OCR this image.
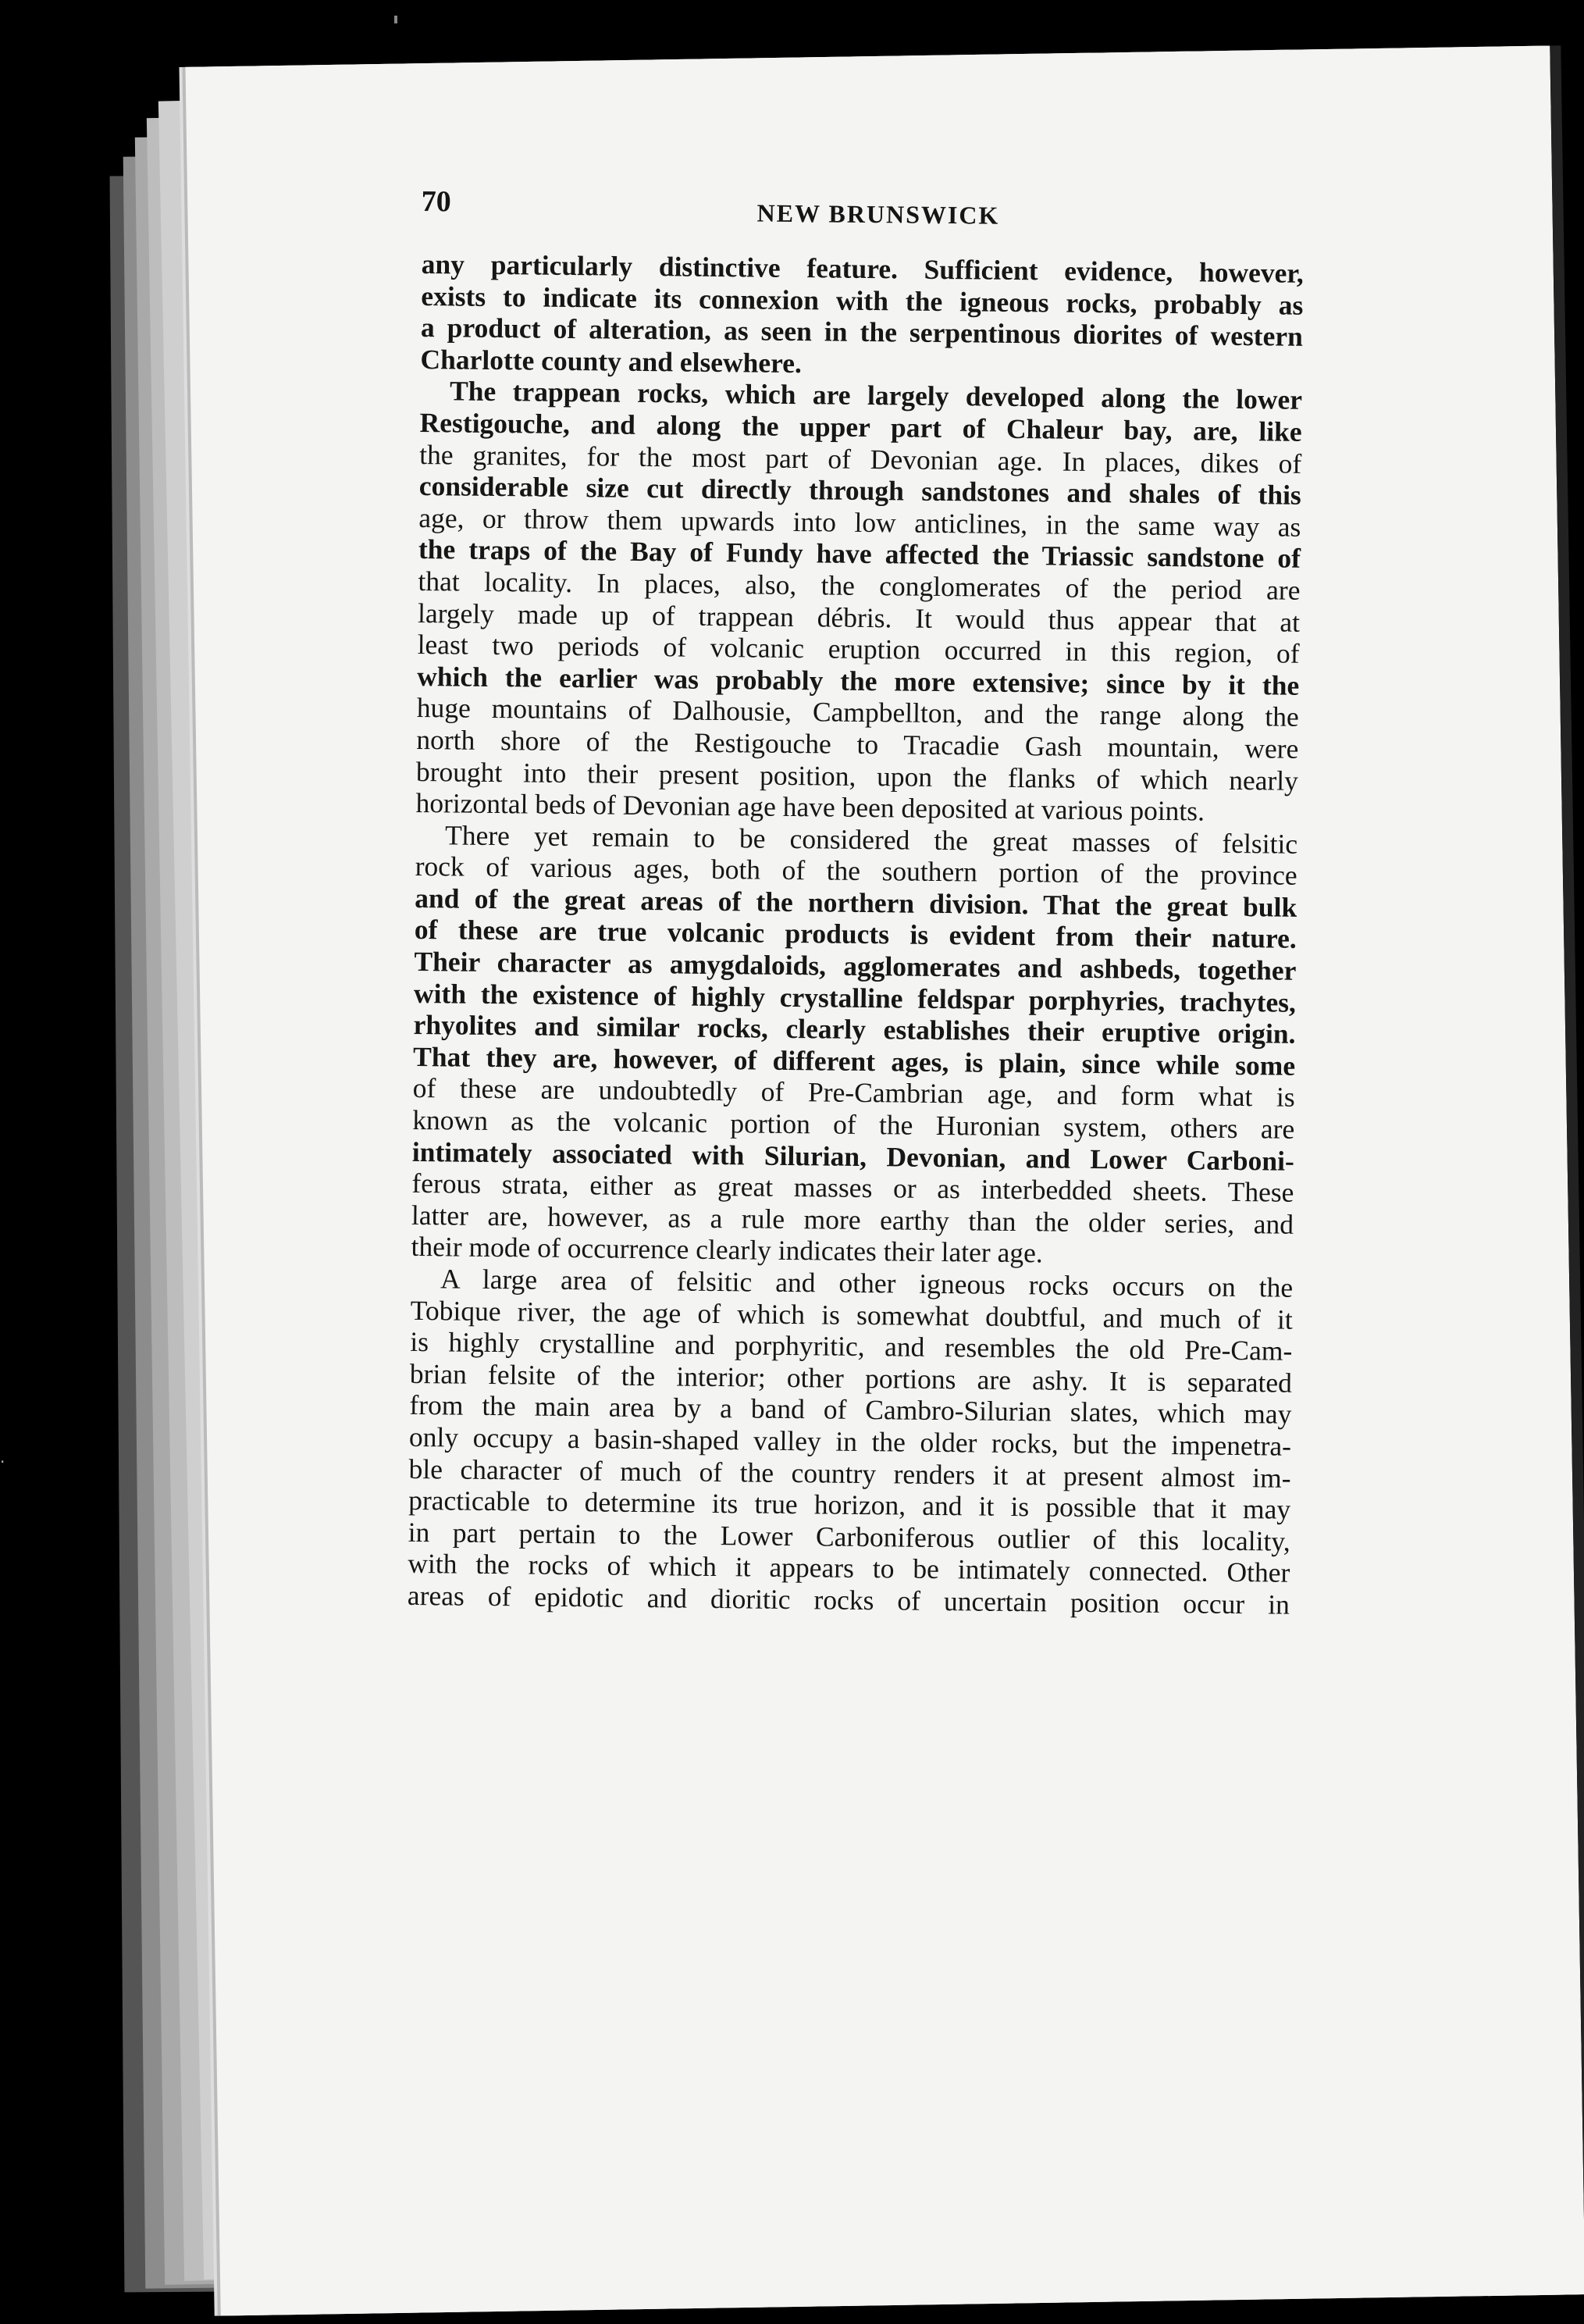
70	NEW BRUNSWICK
any particularly distinctive feature. Sufficient evidence, however,
exists to indicate its connexion with the igneous rocks, probably as
a product of alteration, as seen in the serpentinous diorites of western
Charlotte county and elsewhere.
The trappean rocks, which are largely developed along the lower
Restigouche, and along the upper part of Chaleur bay, are, like
the granites, for the most part of Devonian age. In places, dikes of
considerable size cut directly through sandstones and shales of this
age, or throw them upwards into low anticlines, in the same way as
the traps of the Bay of Fundy have affected the Triassic sandstone of
that locality. In places, also, the conglomerates of the period are
largely made up of trappean débris. It would thus appear that at
least two periods of volcanic eruption occurred in this region, of
which the earlier was probably the more extensive; since by it the
huge mountains of Dalhousie, Campbellton, and the range along the
north shore of the Restigouche to Tracadie Gash mountain, were
brought into their present position, upon the flanks of which nearly
horizontal beds of Devonian age have been deposited at various points.
There yet remain to be considered the great masses of felsitic
rock of various ages, both of the southern portion of the province
and of the great areas of the northern division. That the great bulk
of these are true volcanic products is evident from their nature.
Their character as amygdaloids, agglomerates and ashbeds, together
with the existence of highly crystalline feldspar porphyries, trachytes,
rhyolites and similar rocks, clearly establishes their eruptive origin.
That they are, however, of different ages, is plain, since while some
of these are undoubtedly of Pre-Cambrian age, and form what is
known as the volcanic portion of the Huronian system, others are
intimately associated with Silurian, Devonian, and Lower Carboni-
ferous strata, either as great masses or as interbedded sheets. These
latter are, however, as a rule more earthy than the older series, and
their mode of occurrence clearly indicates their later age.
A large area of felsitic and other igneous rocks occurs on the
Tobique river, the age of which is somewhat doubtful, and much of it
is highly crystalline and porphyritic, and resembles the old Pre-Cam-
brian felsite of the interior; other portions are ashy. It is separated
from the main area by a band of Cambro-Silurian slates, which may
only occupy a basin-shaped valley in the older rocks, but the impenetra-
ble character of much of the country renders it at present almost im-
practicable to determine its true horizon, and it is possible that it may
in part pertain to the Lower Carboniferous outlier of this locality,
with the rocks of which it appears to be intimately connected. Other
areas of epidotic and dioritic rocks of uncertain position occur in
·
